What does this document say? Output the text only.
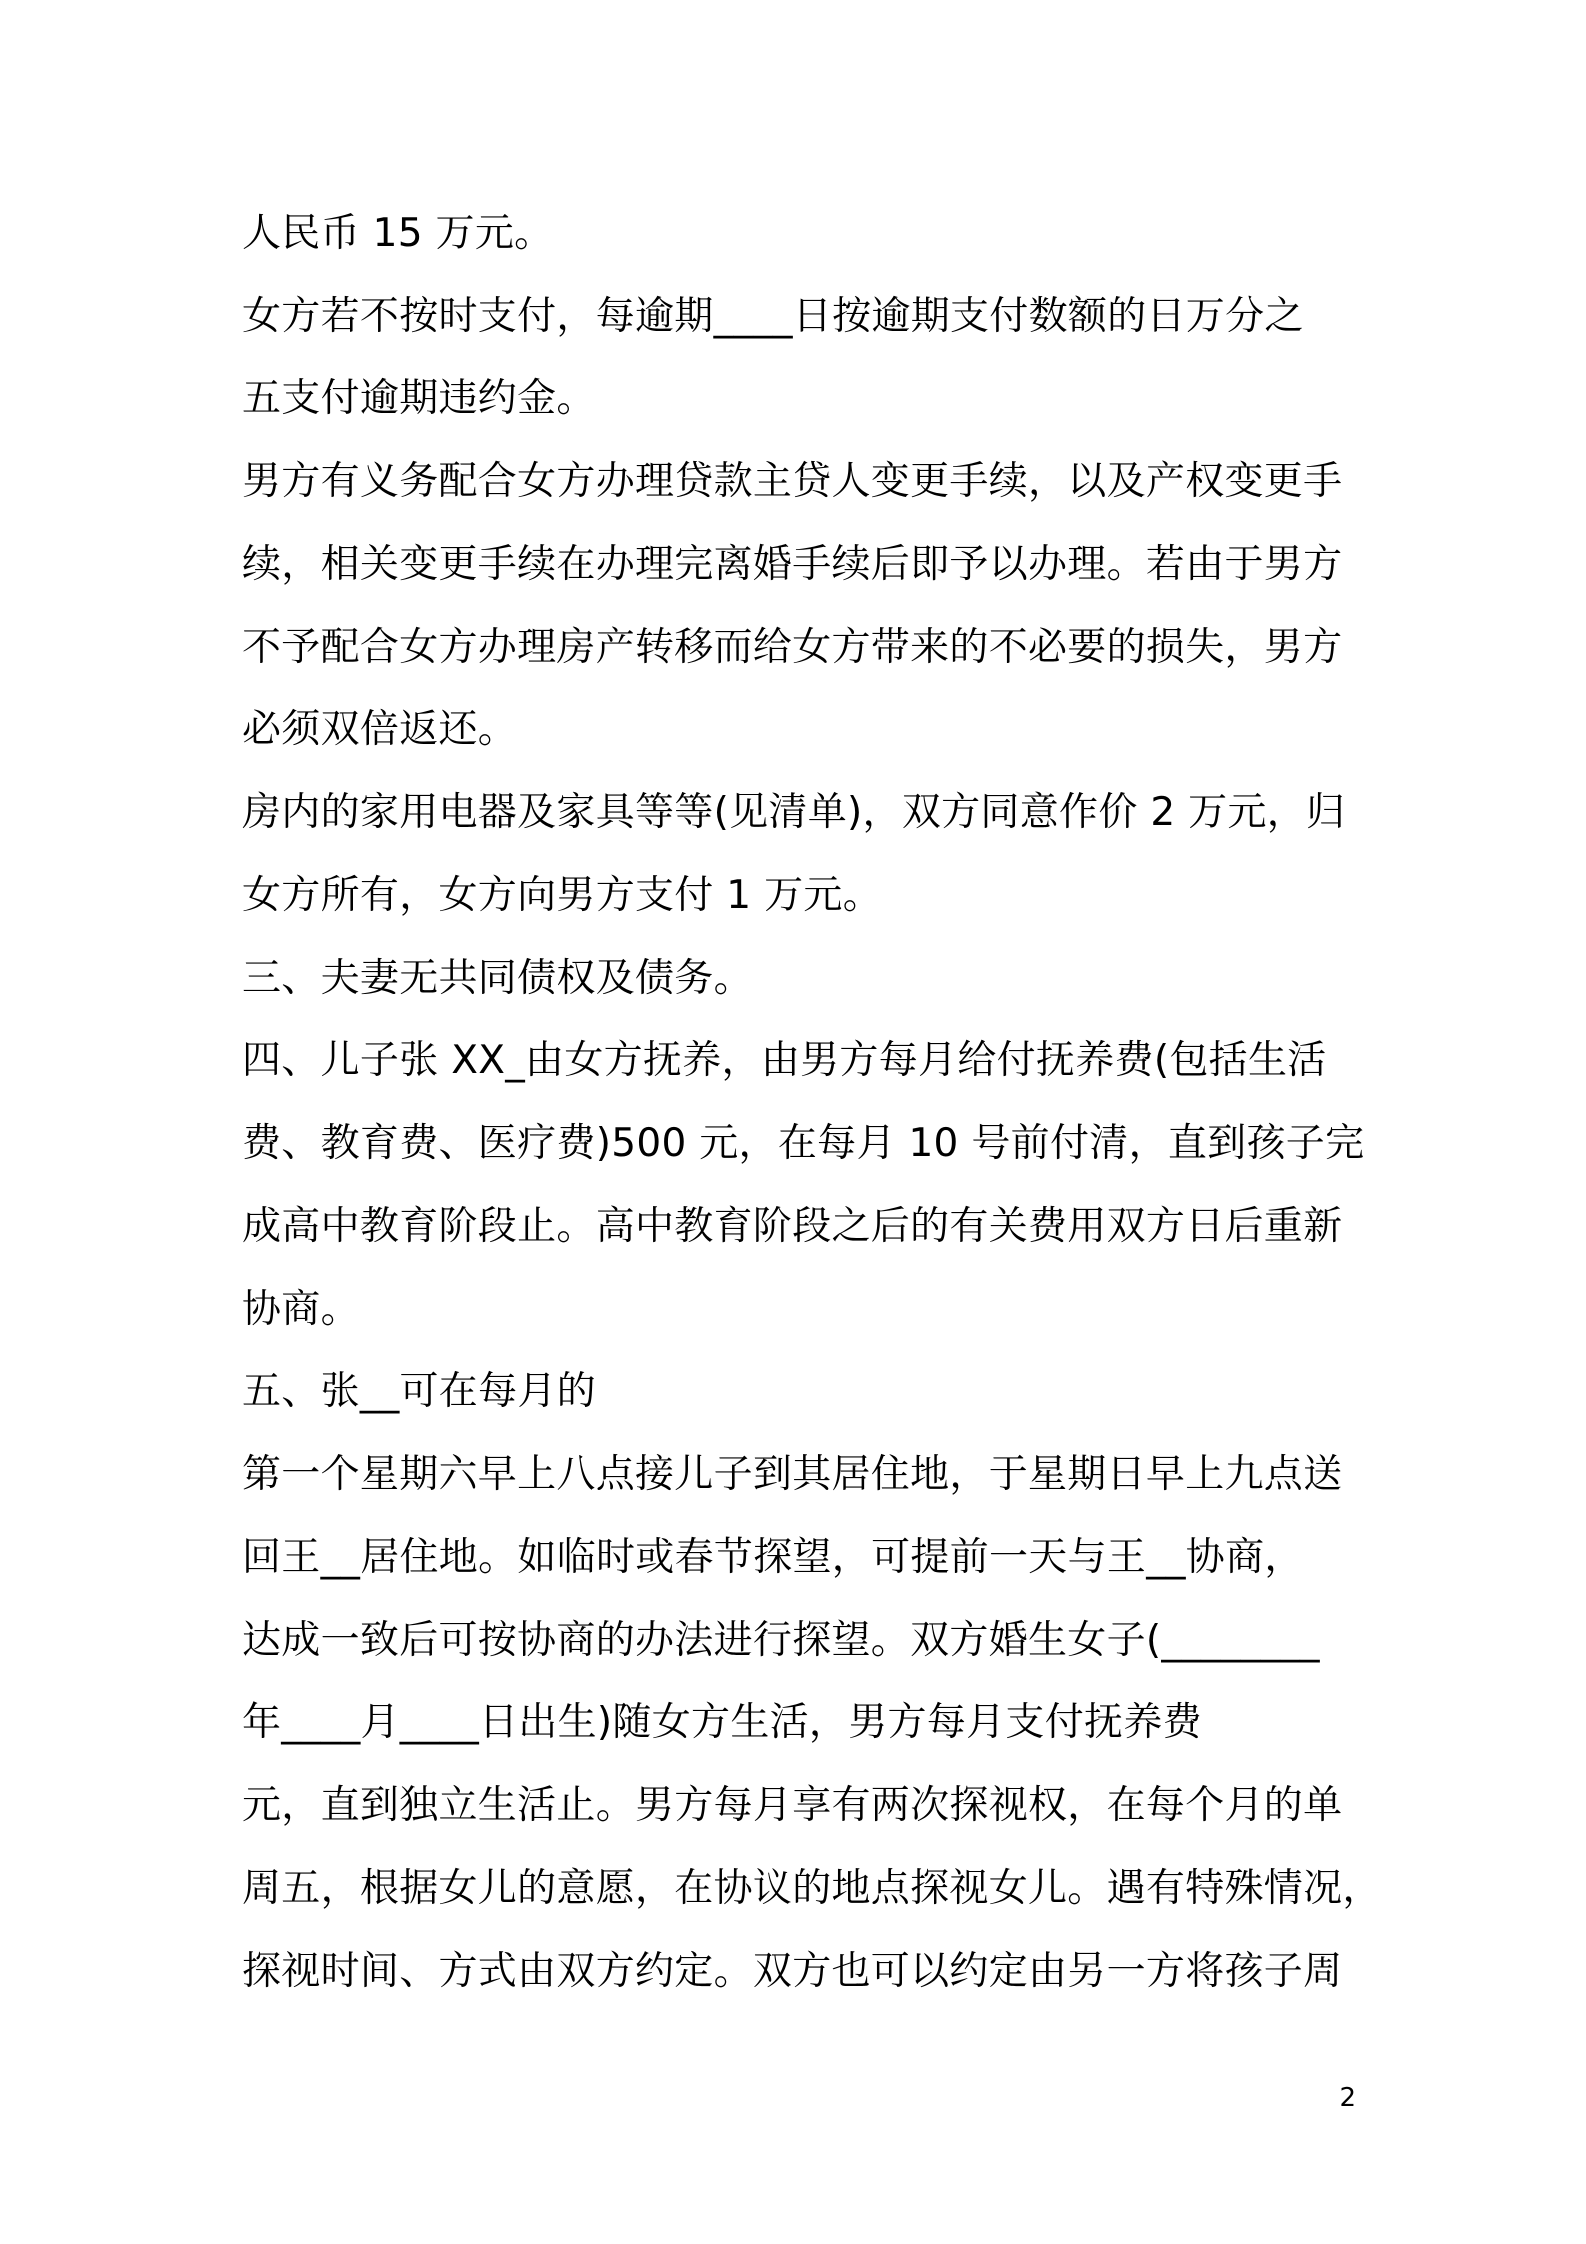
人民币 15 万元。
女方若不按时支付，每逾期____日按逾期支付数额的日万分之
五支付逾期违约金。
男方有义务配合女方办理贷款主贷人变更手续，以及产权变更手
续，相关变更手续在办理完离婚手续后即予以办理。若由于男方
不予配合女方办理房产转移而给女方带来的不必要的损失，男方
必须双倍返还。
房内的家用电器及家具等等(见清单)，双方同意作价 2 万元，归
女方所有，女方向男方支付 1 万元。
三、夫妻无共同债权及债务。
四、儿子张 XX_由女方抚养，由男方每月给付抚养费(包括生活
费、教育费、医疗费)500 元，在每月 10 号前付清，直到孩子完
成高中教育阶段止。高中教育阶段之后的有关费用双方日后重新
协商。
五、张__可在每月的
第一个星期六早上八点接儿子到其居住地，于星期日早上九点送
回王__居住地。如临时或春节探望，可提前一天与王__协商，
达成一致后可按协商的办法进行探望。双方婚生女子(________
年____月____日出生)随女方生活，男方每月支付抚养费
元，直到独立生活止。男方每月享有两次探视权，在每个月的单
周五，根据女儿的意愿，在协议的地点探视女儿。遇有特殊情况，
探视时间、方式由双方约定。双方也可以约定由另一方将孩子周
2
